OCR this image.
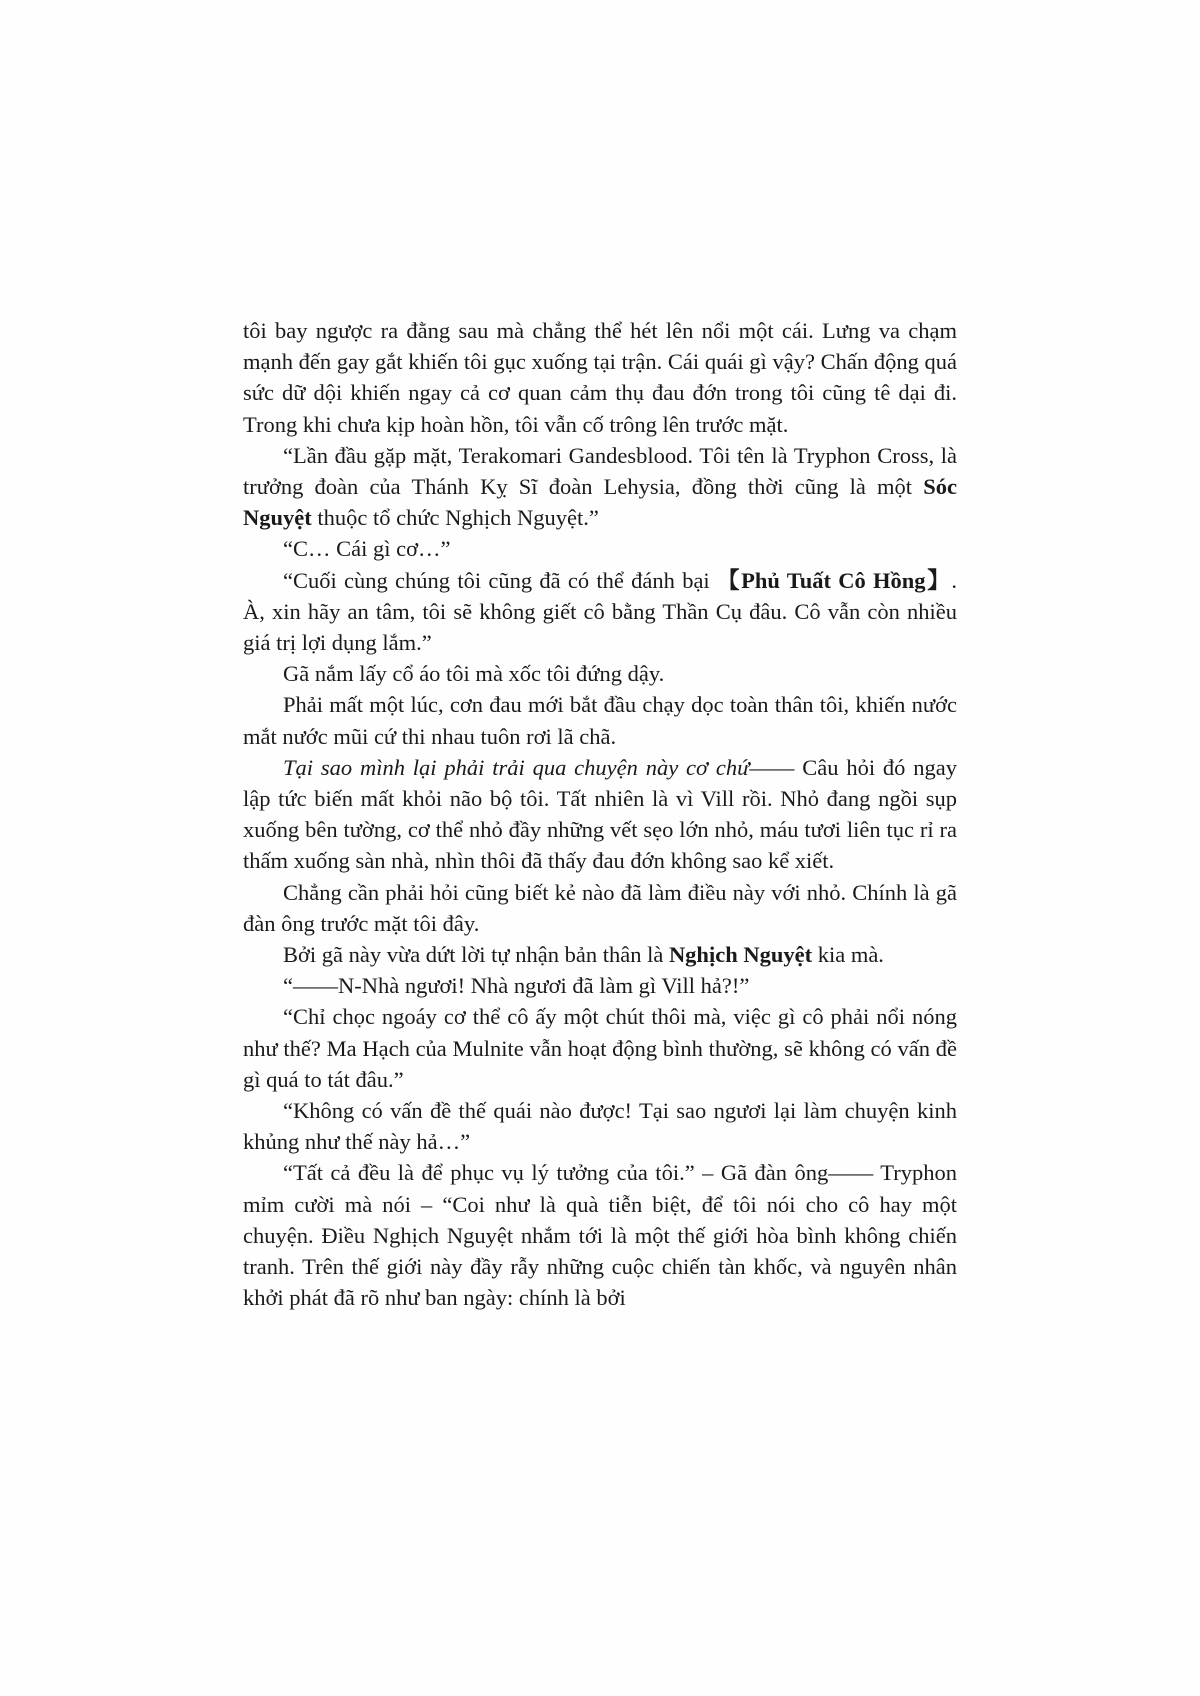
tôi bay ngược ra đằng sau mà chẳng thể hét lên nổi một cái. Lưng va chạm mạnh đến gay gắt khiến tôi gục xuống tại trận. Cái quái gì vậy? Chấn động quá sức dữ dội khiến ngay cả cơ quan cảm thụ đau đớn trong tôi cũng tê dại đi. Trong khi chưa kịp hoàn hồn, tôi vẫn cố trông lên trước mặt.

“Lần đầu gặp mặt, Terakomari Gandesblood. Tôi tên là Tryphon Cross, là trưởng đoàn của Thánh Kỵ Sĩ đoàn Lehysia, đồng thời cũng là một Sóc Nguyệt thuộc tổ chức Nghịch Nguyệt.”

“C… Cái gì cơ…”

“Cuối cùng chúng tôi cũng đã có thể đánh bại 【Phủ Tuất Cô Hồng】. À, xin hãy an tâm, tôi sẽ không giết cô bằng Thần Cụ đâu. Cô vẫn còn nhiều giá trị lợi dụng lắm.”

Gã nắm lấy cổ áo tôi mà xốc tôi đứng dậy.

Phải mất một lúc, cơn đau mới bắt đầu chạy dọc toàn thân tôi, khiến nước mắt nước mũi cứ thi nhau tuôn rơi lã chã.

Tại sao mình lại phải trải qua chuyện này cơ chứ—— Câu hỏi đó ngay lập tức biến mất khỏi não bộ tôi. Tất nhiên là vì Vill rồi. Nhỏ đang ngồi sụp xuống bên tường, cơ thể nhỏ đầy những vết sẹo lớn nhỏ, máu tươi liên tục rỉ ra thấm xuống sàn nhà, nhìn thôi đã thấy đau đớn không sao kể xiết.

Chẳng cần phải hỏi cũng biết kẻ nào đã làm điều này với nhỏ. Chính là gã đàn ông trước mặt tôi đây.

Bởi gã này vừa dứt lời tự nhận bản thân là Nghịch Nguyệt kia mà.

“——N-Nhà ngươi! Nhà ngươi đã làm gì Vill hả?!”

“Chỉ chọc ngoáy cơ thể cô ấy một chút thôi mà, việc gì cô phải nổi nóng như thế? Ma Hạch của Mulnite vẫn hoạt động bình thường, sẽ không có vấn đề gì quá to tát đâu.”

“Không có vấn đề thế quái nào được! Tại sao ngươi lại làm chuyện kinh khủng như thế này hả…”

“Tất cả đều là để phục vụ lý tưởng của tôi.” – Gã đàn ông—— Tryphon mỉm cười mà nói – “Coi như là quà tiễn biệt, để tôi nói cho cô hay một chuyện. Điều Nghịch Nguyệt nhắm tới là một thế giới hòa bình không chiến tranh. Trên thế giới này đầy rẫy những cuộc chiến tàn khốc, và nguyên nhân khởi phát đã rõ như ban ngày: chính là bởi
